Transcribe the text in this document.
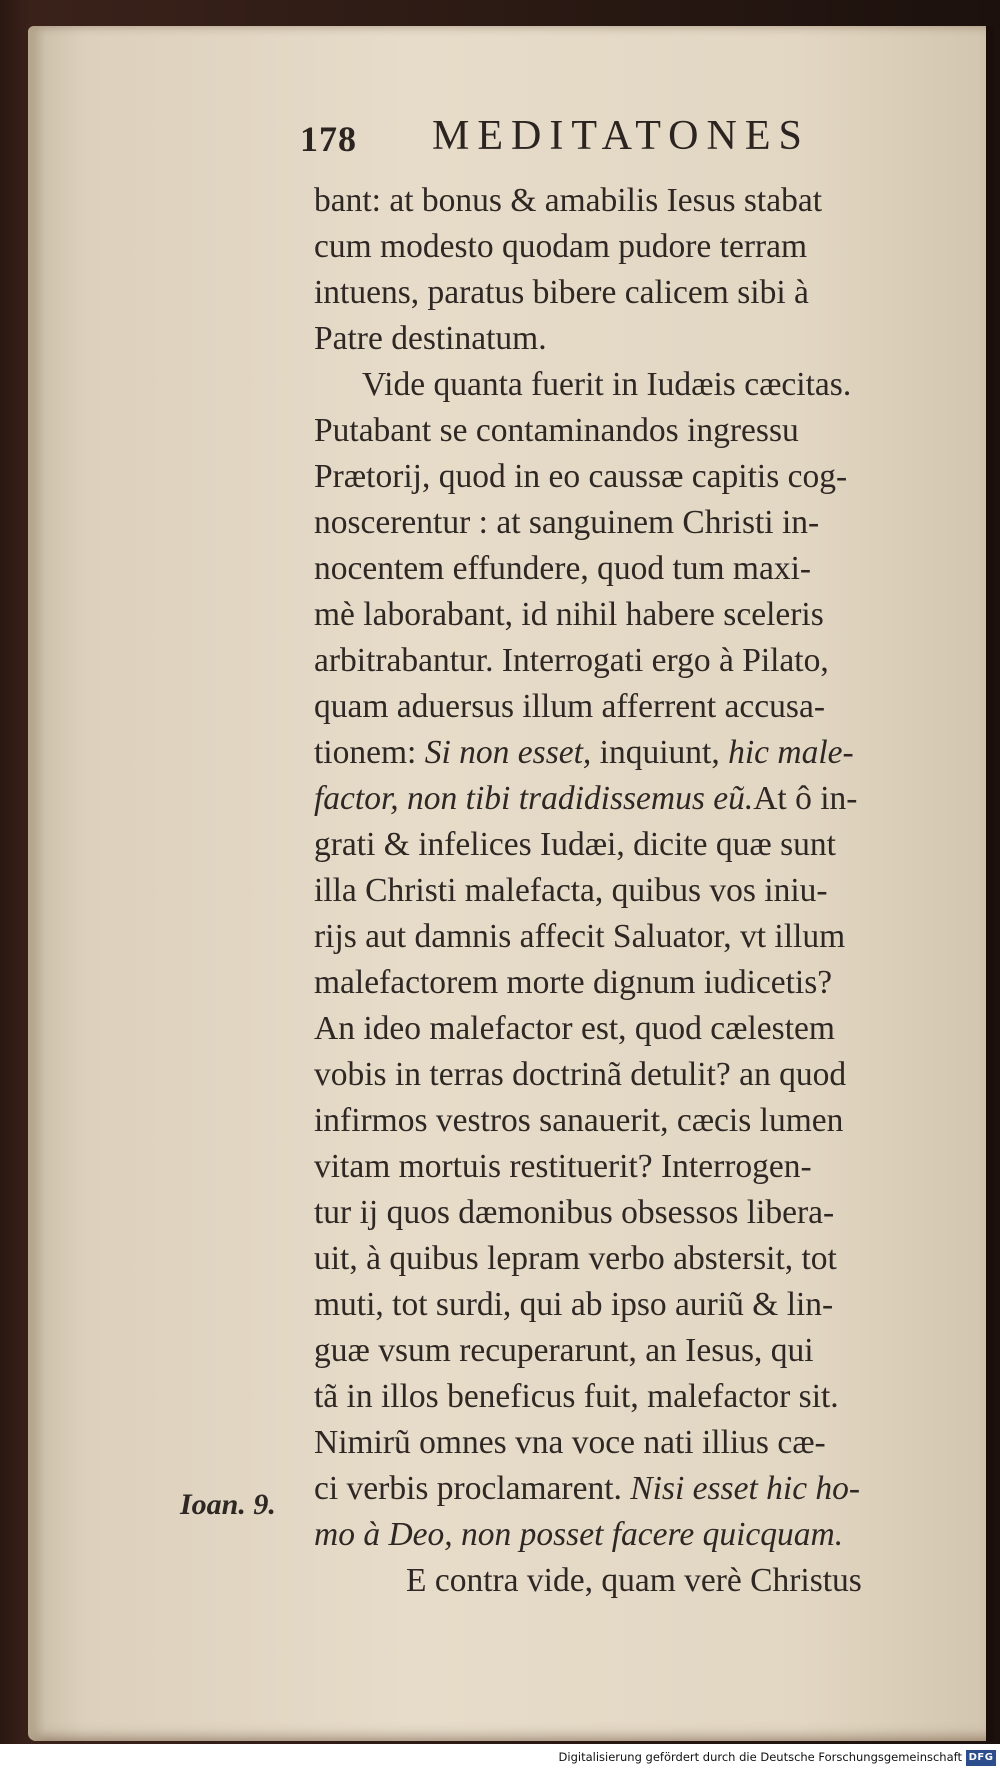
178 MEDITATONES
bant: at bonus & amabilis Iesus stabat
cum modesto quodam pudore terram
intuens, paratus bibere calicem sibi à
Patre destinatum.
Vide quanta fuerit in Iudæis cæcitas.
Putabant se contaminandos ingressu
Prætorij, quod in eo caussæ capitis cog-
noscerentur : at sanguinem Christi in-
nocentem effundere, quod tum maxi-
mè laborabant, id nihil habere sceleris
arbitrabantur. Interrogati ergo à Pilato,
quam aduersus illum afferrent accusa-
tionem: Si non esset, inquiunt, hic male-
factor, non tibi tradidissemus eũ.At ô in-
grati & infelices Iudæi, dicite quæ sunt
illa Christi malefacta, quibus vos iniu-
rijs aut damnis affecit Saluator, vt illum
malefactorem morte dignum iudicetis?
An ideo malefactor est, quod cælestem
vobis in terras doctrinã detulit? an quod
infirmos vestros sanauerit, cæcis lumen
vitam mortuis restituerit? Interrogen-
tur ij quos dæmonibus obsessos libera-
uit, à quibus lepram verbo abstersit, tot
muti, tot surdi, qui ab ipso auriũ & lin-
guæ vsum recuperarunt, an Iesus, qui
tã in illos beneficus fuit, malefactor sit.
Nimirũ omnes vna voce nati illius cæ-
ci verbis proclamarent. Nisi esset hic ho-
mo à Deo, non posset facere quicquam.
E contra vide, quam verè Christus
Ioan. 9.
Digitalisierung gefördert durch die Deutsche Forschungsgemeinschaft DFG
